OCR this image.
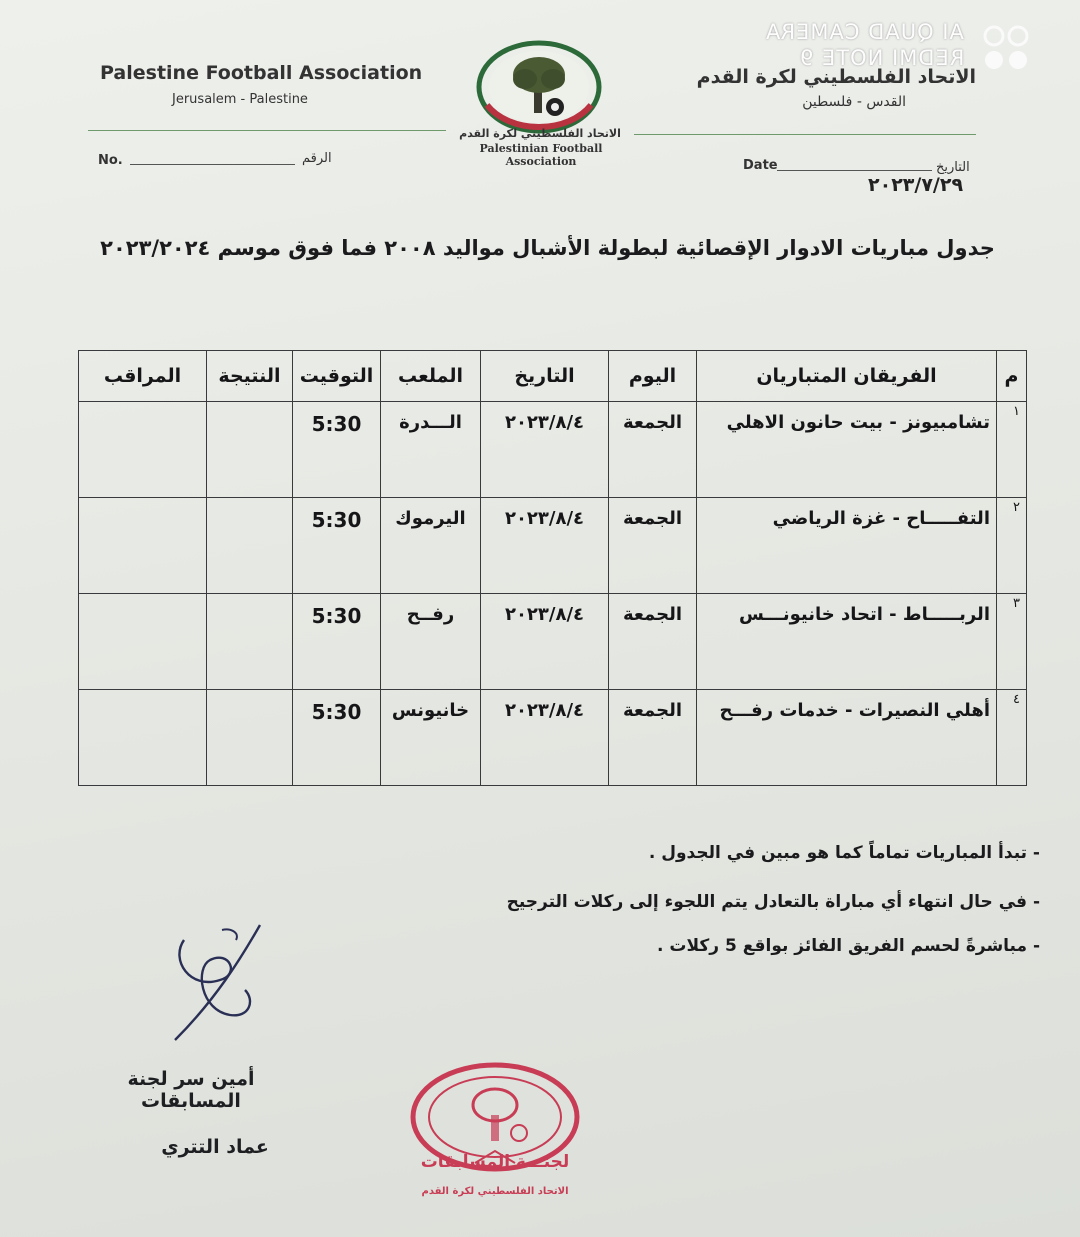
AI QUAD CAMERA
REDMI NOTE 9
Palestine Football Association
Jerusalem - Palestine
الاتحاد الفلسطيني لكرة القدم
القدس - فلسطين
الاتحاد الفلسطيني لكرة القدم
Palestinian Football Association
No.	الرقم	Date	التاريخ
٢٠٢٣/٧/٢٩
جدول مباريات الادوار الإقصائية لبطولة الأشبال مواليد ٢٠٠٨ فما فوق موسم ٢٠٢٣/٢٠٢٤
م	الفريقان المتباريان	اليوم	التاريخ	الملعب	التوقيت	النتيجة	المراقب
١	تشامبيونز - بيت حانون الاهلي	الجمعة	٢٠٢٣/٨/٤	الـــدرة	5:30		
٢	التفـــــاح - غزة الرياضي	الجمعة	٢٠٢٣/٨/٤	اليرموك	5:30		
٣	الربـــــاط - اتحاد خانيونـــس	الجمعة	٢٠٢٣/٨/٤	رفــح	5:30		
٤	أهلي النصيرات - خدمات رفـــح	الجمعة	٢٠٢٣/٨/٤	خانيونس	5:30		
- تبدأ المباريات تماماً كما هو مبين في الجدول .
- في حال انتهاء أي مباراة بالتعادل يتم اللجوء إلى ركلات الترجيح
- مباشرةً لحسم الفريق الفائز بواقع 5 ركلات .
أمين سر لجنة المسابقات
عماد التتري
لجنـــة المسابقات
الاتحاد الفلسطيني لكرة القدم
